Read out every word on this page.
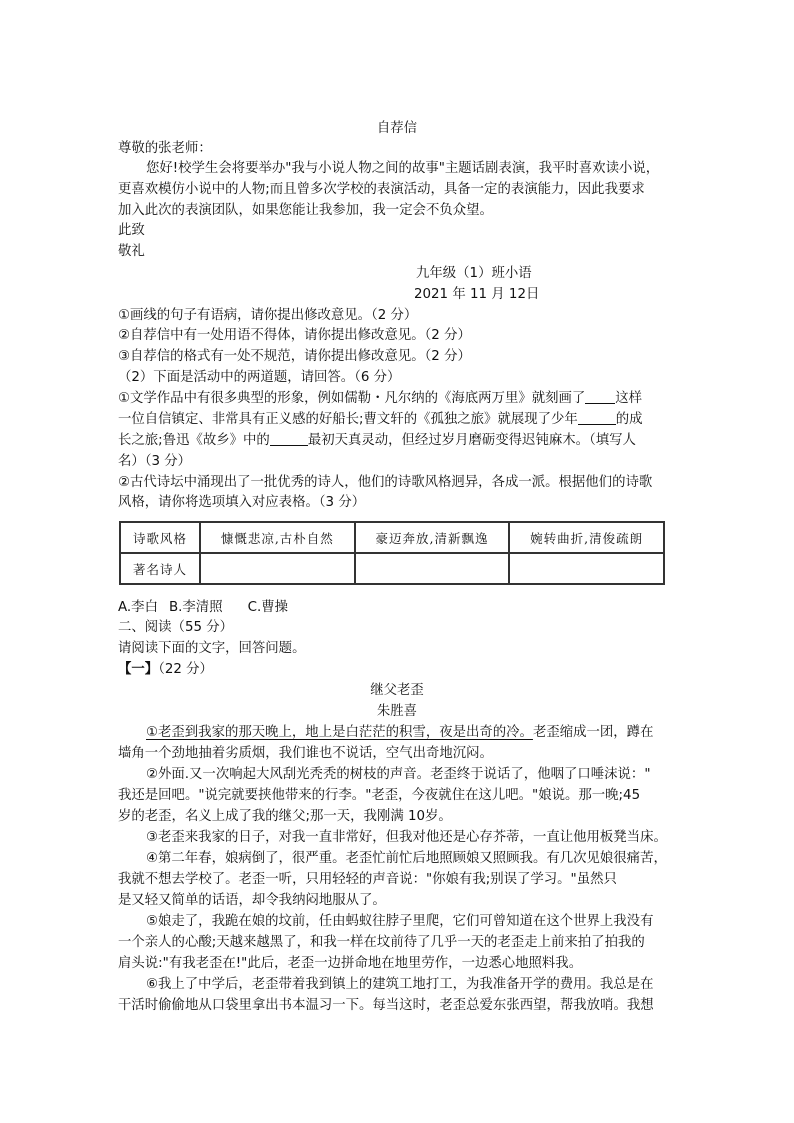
自荐信
尊敬的张老师：
您好!校学生会将要举办"我与小说人物之间的故事"主题话剧表演，我平时喜欢读小说，
更喜欢模仿小说中的人物;而且曾多次学校的表演活动，具备一定的表演能力，因此我要求
加入此次的表演团队，如果您能让我参加，我一定会不负众望。
此致
敬礼
九年级（1）班小语
2021 年 11 月 12日
①画线的句子有语病，请你提出修改意见。（2 分）
②自荐信中有一处用语不得体，请你提出修改意见。（2 分）
③自荐信的格式有一处不规范，请你提出修改意见。（2 分）
（2）下面是活动中的两道题，请回答。（6 分）
①文学作品中有很多典型的形象，例如儒勒・凡尔纳的《海底两万里》就刻画了 这样
一位自信镇定、非常具有正义感的好船长;曹文轩的《孤独之旅》就展现了少年	的成
长之旅;鲁迅《故乡》中的	最初天真灵动，但经过岁月磨砺变得迟钝麻木。（填写人
名）（3 分）
②古代诗坛中涌现出了一批优秀的诗人，他们的诗歌风格迥异，各成一派。根据他们的诗歌
风格，请你将选项填入对应表格。（3 分）
诗歌风格	慷慨悲凉,古朴自然	豪迈奔放,清新飘逸	婉转曲折,清俊疏朗
著名诗人			
A.李白 B.李清照 C.曹操
二、阅读（55 分）
请阅读下面的文字，回答问题。
【一】（22 分）
继父老歪
朱胜喜
①老歪到我家的那天晚上，地上是白茫茫的积雪，夜是出奇的冷。老歪缩成一团，蹲在
墙角一个劲地抽着劣质烟，我们谁也不说话，空气出奇地沉闷。
②外面.又一次响起大风刮光秃秃的树枝的声音。老歪终于说话了，他咽了口唾沫说："
我还是回吧。"说完就要挟他带来的行李。"老歪，今夜就住在这儿吧。"娘说。那一晚;45
岁的老歪，名义上成了我的继父;那一天，我刚满 10岁。
③老歪来我家的日子，对我一直非常好，但我对他还是心存芥蒂，一直让他用板凳当床。
④第二年春，娘病倒了，很严重。老歪忙前忙后地照顾娘又照顾我。有几次见娘很痛苦，
我就不想去学校了。老歪一听，只用轻轻的声音说："你娘有我;别误了学习。"虽然只
是又轻又简单的话语，却令我纳闷地服从了。
⑤娘走了，我跪在娘的坟前，任由蚂蚁往脖子里爬，它们可曾知道在这个世界上我没有
一个亲人的心酸;天越来越黑了，和我一样在坟前待了几乎一天的老歪走上前来拍了拍我的
肩头说:"有我老歪在!"此后，老歪一边拼命地在地里劳作，一边悉心地照料我。
⑥我上了中学后，老歪带着我到镇上的建筑工地打工，为我准备开学的费用。我总是在
干活时偷偷地从口袋里拿出书本温习一下。每当这时，老歪总爱东张西望，帮我放哨。我想
